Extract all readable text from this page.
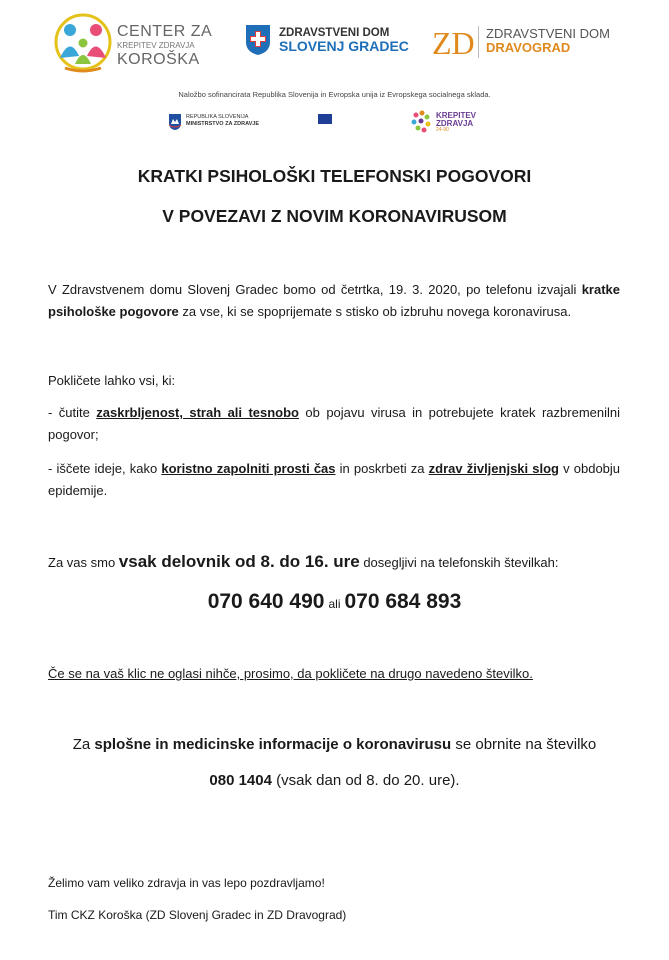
CENTER ZA
KREPITEV ZDRAVJA
KOROŠKA
ZDRAVSTVENI DOM
SLOVENJ GRADEC ZD ZDRAVSTVENI DOM
DRAVOGRAD
Naložbo sofinancirata Republika Slovenija in Evropska unija iz Evropskega socialnega sklada.
REPUBLIKA SLOVENIJA
MINISTRSTVO ZA ZDRAVJE
KREPITEV
ZDRAVJA
24-90
KRATKI PSIHOLOŠKI TELEFONSKI POGOVORI
V POVEZAVI Z NOVIM KORONAVIRUSOM
V Zdravstvenem domu Slovenj Gradec bomo od četrtka, 19. 3. 2020, po telefonu izvajali kratke psihološke pogovore za vse, ki se spoprijemate s stisko ob izbruhu novega koronavirusa.
Pokličete lahko vsi, ki:
- čutite zaskrbljenost, strah ali tesnobo ob pojavu virusa in potrebujete kratek razbremenilni pogovor;
- iščete ideje, kako koristno zapolniti prosti čas in poskrbeti za zdrav življenjski slog v obdobju epidemije.
Za vas smo vsak delovnik od 8. do 16. ure dosegljivi na telefonskih številkah:
070 640 490 ali 070 684 893
Če se na vaš klic ne oglasi nihče, prosimo, da pokličete na drugo navedeno številko.
Za splošne in medicinske informacije o koronavirusu se obrnite na številko
080 1404 (vsak dan od 8. do 20. ure).
Želimo vam veliko zdravja in vas lepo pozdravljamo!
Tim CKZ Koroška (ZD Slovenj Gradec in ZD Dravograd)
